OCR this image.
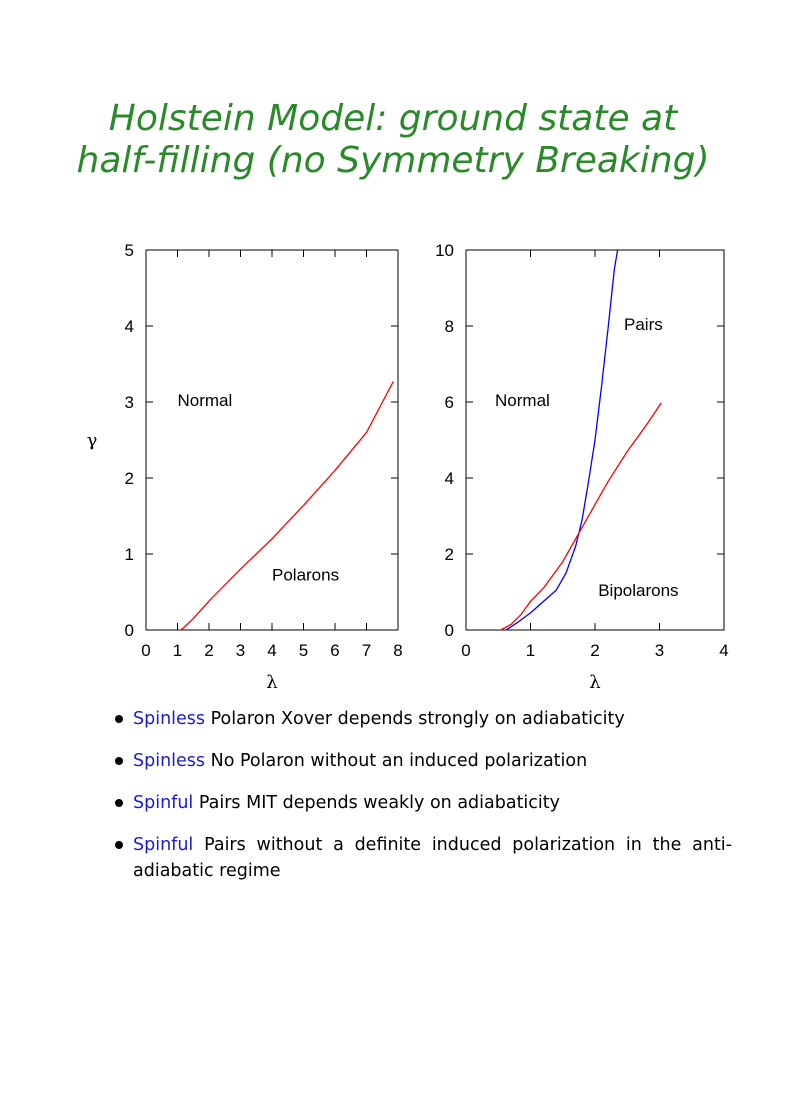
Holstein Model: ground state at
half-filling (no Symmetry Breaking)
0 1 2 3 4 5 6 7 8
0
1
2
3
4
5
λ
γ
Normal
Polarons
0	1	2	3	4
0
2
4
6
8
10
λ
Normal
Pairs
Bipolarons
Spinless Polaron Xover depends strongly on adiabaticity
Spinless No Polaron without an induced polarization
Spinful Pairs MIT depends weakly on adiabaticity
Spinful Pairs without a definite induced polarization in the anti-adiabatic regime
